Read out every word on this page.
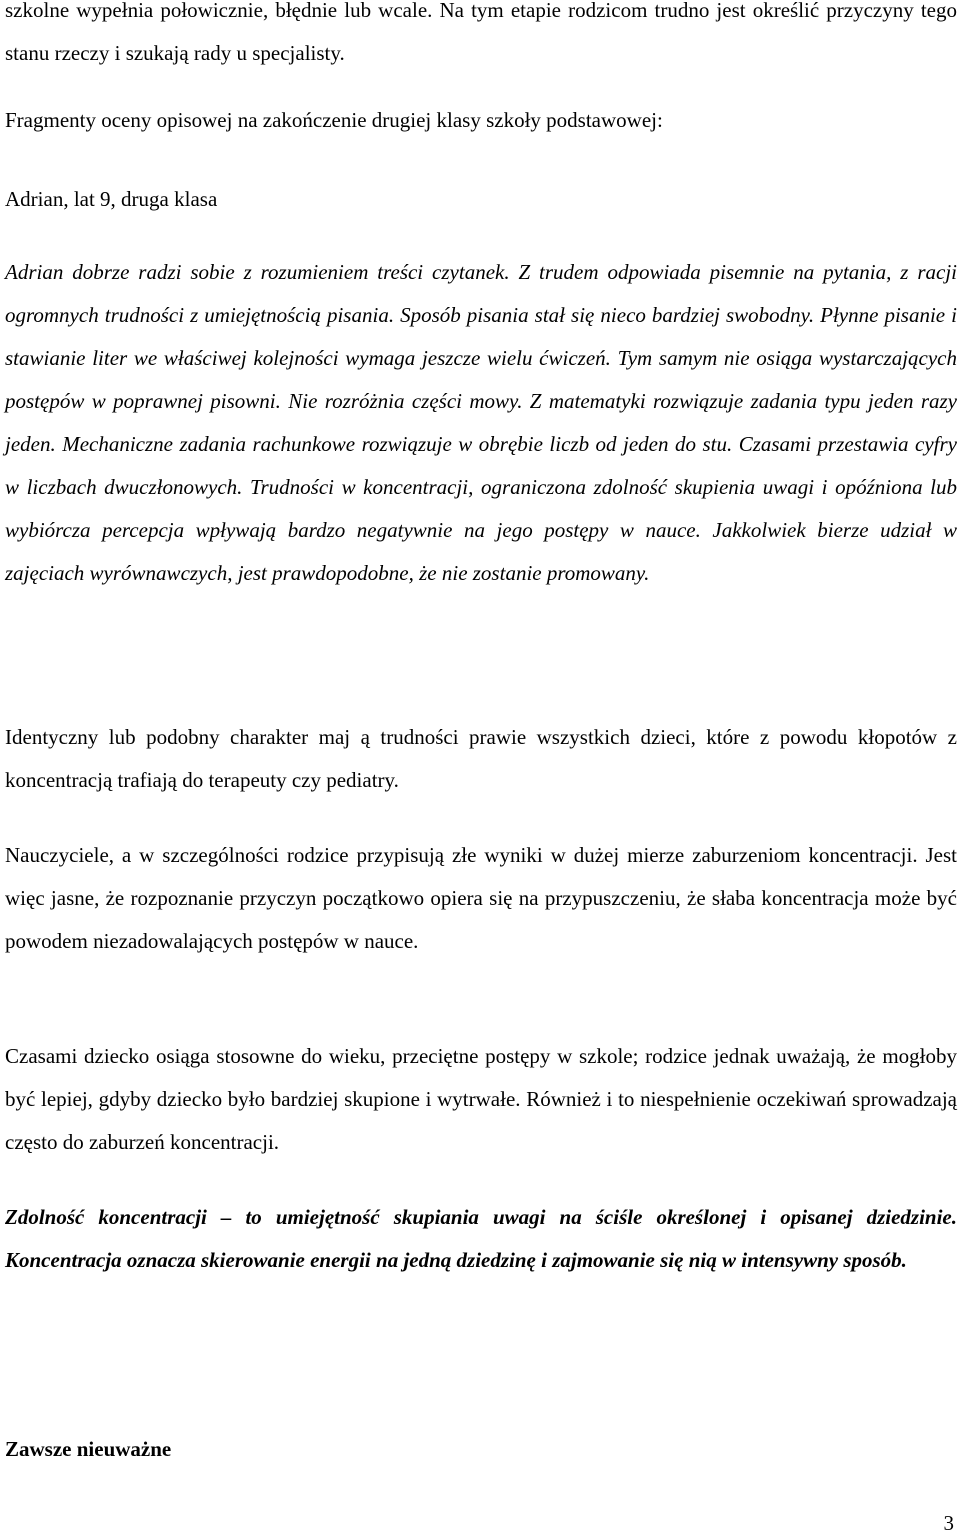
szkolne wypełnia połowicznie, błędnie lub wcale. Na tym etapie rodzicom trudno jest określić przyczyny tego stanu rzeczy i szukają rady u specjalisty.

Fragmenty oceny opisowej na zakończenie drugiej klasy szkoły podstawowej:

Adrian, lat 9, druga klasa

Adrian dobrze radzi sobie z rozumieniem treści czytanek. Z trudem odpowiada pisemnie na pytania, z racji ogromnych trudności z umiejętnością pisania. Sposób pisania stał się nieco bardziej swobodny. Płynne pisanie i stawianie liter we właściwej kolejności wymaga jeszcze wielu ćwiczeń. Tym samym nie osiąga wystarczających postępów w poprawnej pisowni. Nie rozróżnia części mowy. Z matematyki rozwiązuje zadania typu jeden razy jeden. Mechaniczne zadania rachunkowe rozwiązuje w obrębie liczb od jeden do stu. Czasami przestawia cyfry w liczbach dwuczłonowych. Trudności w koncentracji, ograniczona zdolność skupienia uwagi i opóźniona lub wybiórcza percepcja wpływają bardzo negatywnie na jego postępy w nauce. Jakkolwiek bierze udział w zajęciach wyrównawczych, jest prawdopodobne, że nie zostanie promowany.

Identyczny lub podobny charakter maj ą trudności prawie wszystkich dzieci, które z powodu kłopotów z koncentracją trafiają do terapeuty czy pediatry.

Nauczyciele, a w szczególności rodzice przypisują złe wyniki w dużej mierze zaburzeniom koncentracji. Jest więc jasne, że rozpoznanie przyczyn początkowo opiera się na przypuszczeniu, że słaba koncentracja może być powodem niezadowalających postępów w nauce.

Czasami dziecko osiąga stosowne do wieku, przeciętne postępy w szkole; rodzice jednak uważają, że mogłoby być lepiej, gdyby dziecko było bardziej skupione i wytrwałe. Również i to niespełnienie oczekiwań sprowadzają często do zaburzeń koncentracji.

Zdolność koncentracji – to umiejętność skupiania uwagi na ściśle określonej i opisanej dziedzinie. Koncentracja oznacza skierowanie energii na jedną dziedzinę i zajmowanie się nią w intensywny sposób.

Zawsze nieuważne

3
